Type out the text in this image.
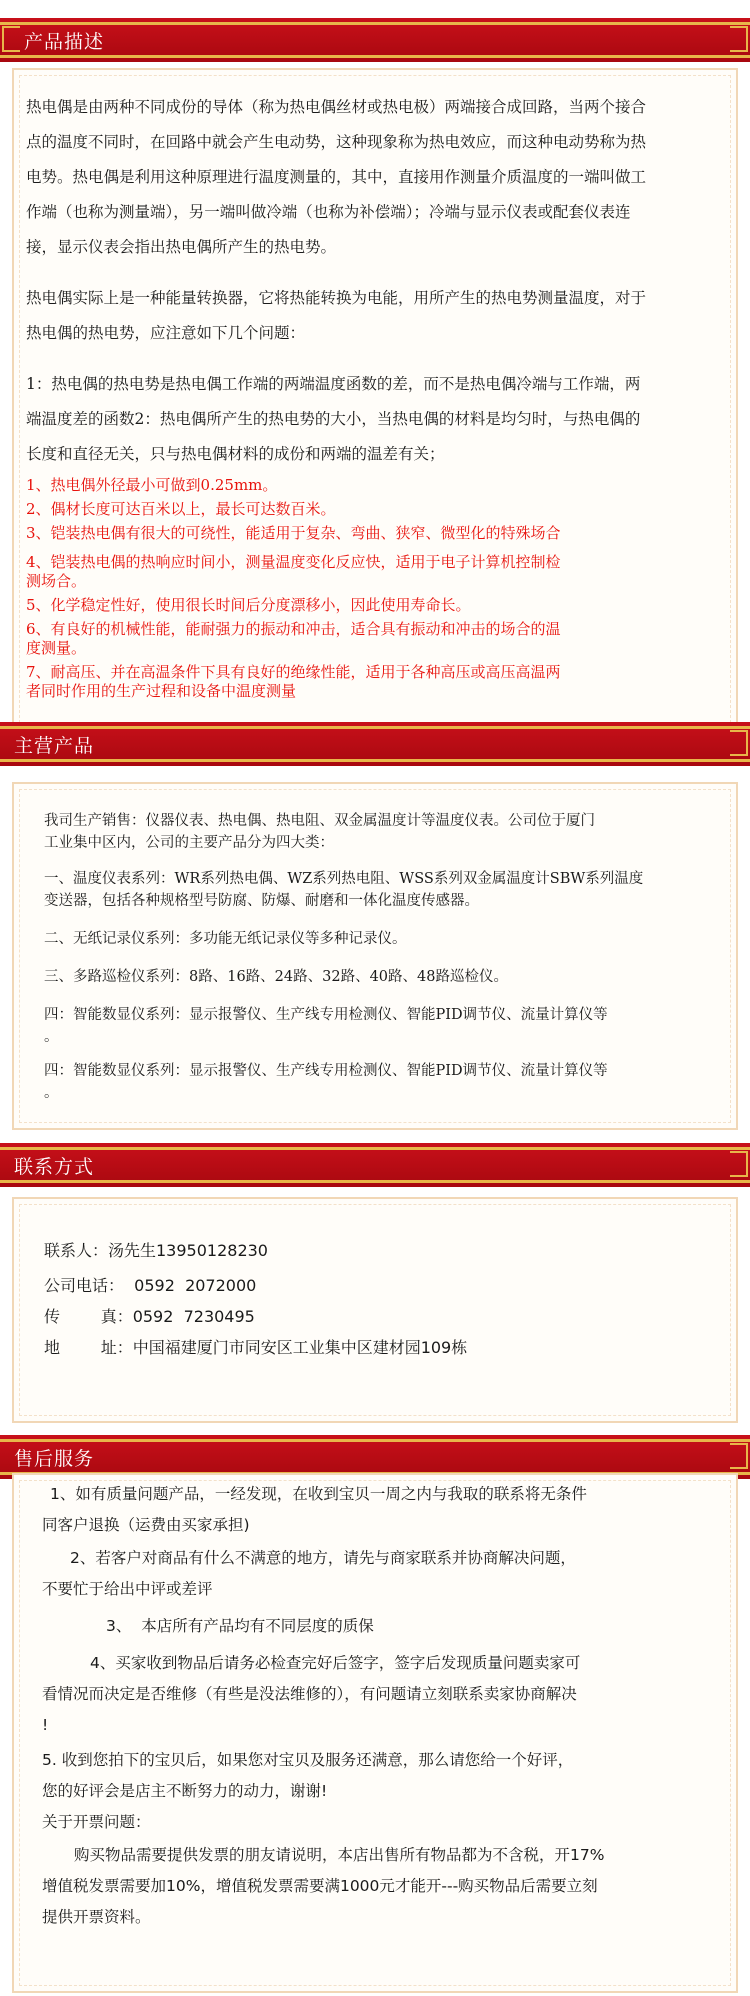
产品描述

热电偶是由两种不同成份的导体（称为热电偶丝材或热电极）两端接合成回路，当两个接合

点的温度不同时，在回路中就会产生电动势，这种现象称为热电效应，而这种电动势称为热

电势。热电偶是利用这种原理进行温度测量的，其中，直接用作测量介质温度的一端叫做工

作端（也称为测量端），另一端叫做冷端（也称为补偿端）；冷端与显示仪表或配套仪表连

接，显示仪表会指出热电偶所产生的热电势。

热电偶实际上是一种能量转换器，它将热能转换为电能，用所产生的热电势测量温度，对于

热电偶的热电势，应注意如下几个问题：

1：热电偶的热电势是热电偶工作端的两端温度函数的差，而不是热电偶冷端与工作端，两

端温度差的函数2：热电偶所产生的热电势的大小，当热电偶的材料是均匀时，与热电偶的

长度和直径无关，只与热电偶材料的成份和两端的温差有关；

1、热电偶外径最小可做到0.25mm。

2、偶材长度可达百米以上，最长可达数百米。

3、铠装热电偶有很大的可绕性，能适用于复杂、弯曲、狭窄、微型化的特殊场合

4、铠装热电偶的热响应时间小，测量温度变化反应快，适用于电子计算机控制检

测场合。

5、化学稳定性好，使用很长时间后分度漂移小，因此使用寿命长。

6、有良好的机械性能，能耐强力的振动和冲击，适合具有振动和冲击的场合的温

度测量。

7、耐高压、并在高温条件下具有良好的绝缘性能，适用于各种高压或高压高温两

者同时作用的生产过程和设备中温度测量

主营产品

我司生产销售：仪器仪表、热电偶、热电阻、双金属温度计等温度仪表。公司位于厦门

工业集中区内，公司的主要产品分为四大类：

一、温度仪表系列：WR系列热电偶、WZ系列热电阻、WSS系列双金属温度计SBW系列温度

变送器，包括各种规格型号防腐、防爆、耐磨和一体化温度传感器。

二、无纸记录仪系列：多功能无纸记录仪等多种记录仪。

三、多路巡检仪系列：8路、16路、24路、32路、40路、48路巡检仪。

四：智能数显仪系列：显示报警仪、生产线专用检测仪、智能PID调节仪、流量计算仪等

。

四：智能数显仪系列：显示报警仪、生产线专用检测仪、智能PID调节仪、流量计算仪等

。

联系方式

联系人：汤先生13950128230

公司电话：  0592  2072000

传        真：0592  7230495

地        址：中国福建厦门市同安区工业集中区建材园109栋

售后服务

1、如有质量问题产品，一经发现，在收到宝贝一周之内与我取的联系将无条件

同客户退换（运费由买家承担)

2、若客户对商品有什么不满意的地方，请先与商家联系并协商解决问题，

不要忙于给出中评或差评

3、  本店所有产品均有不同层度的质保

4、买家收到物品后请务必检查完好后签字，签字后发现质量问题卖家可

看情况而决定是否维修（有些是没法维修的），有问题请立刻联系卖家协商解决

!

5. 收到您拍下的宝贝后，如果您对宝贝及服务还满意，那么请您给一个好评，

您的好评会是店主不断努力的动力，谢谢!

关于开票问题：

购买物品需要提供发票的朋友请说明，本店出售所有物品都为不含税，开17%

增值税发票需要加10%，增值税发票需要满1000元才能开---购买物品后需要立刻

提供开票资料。
